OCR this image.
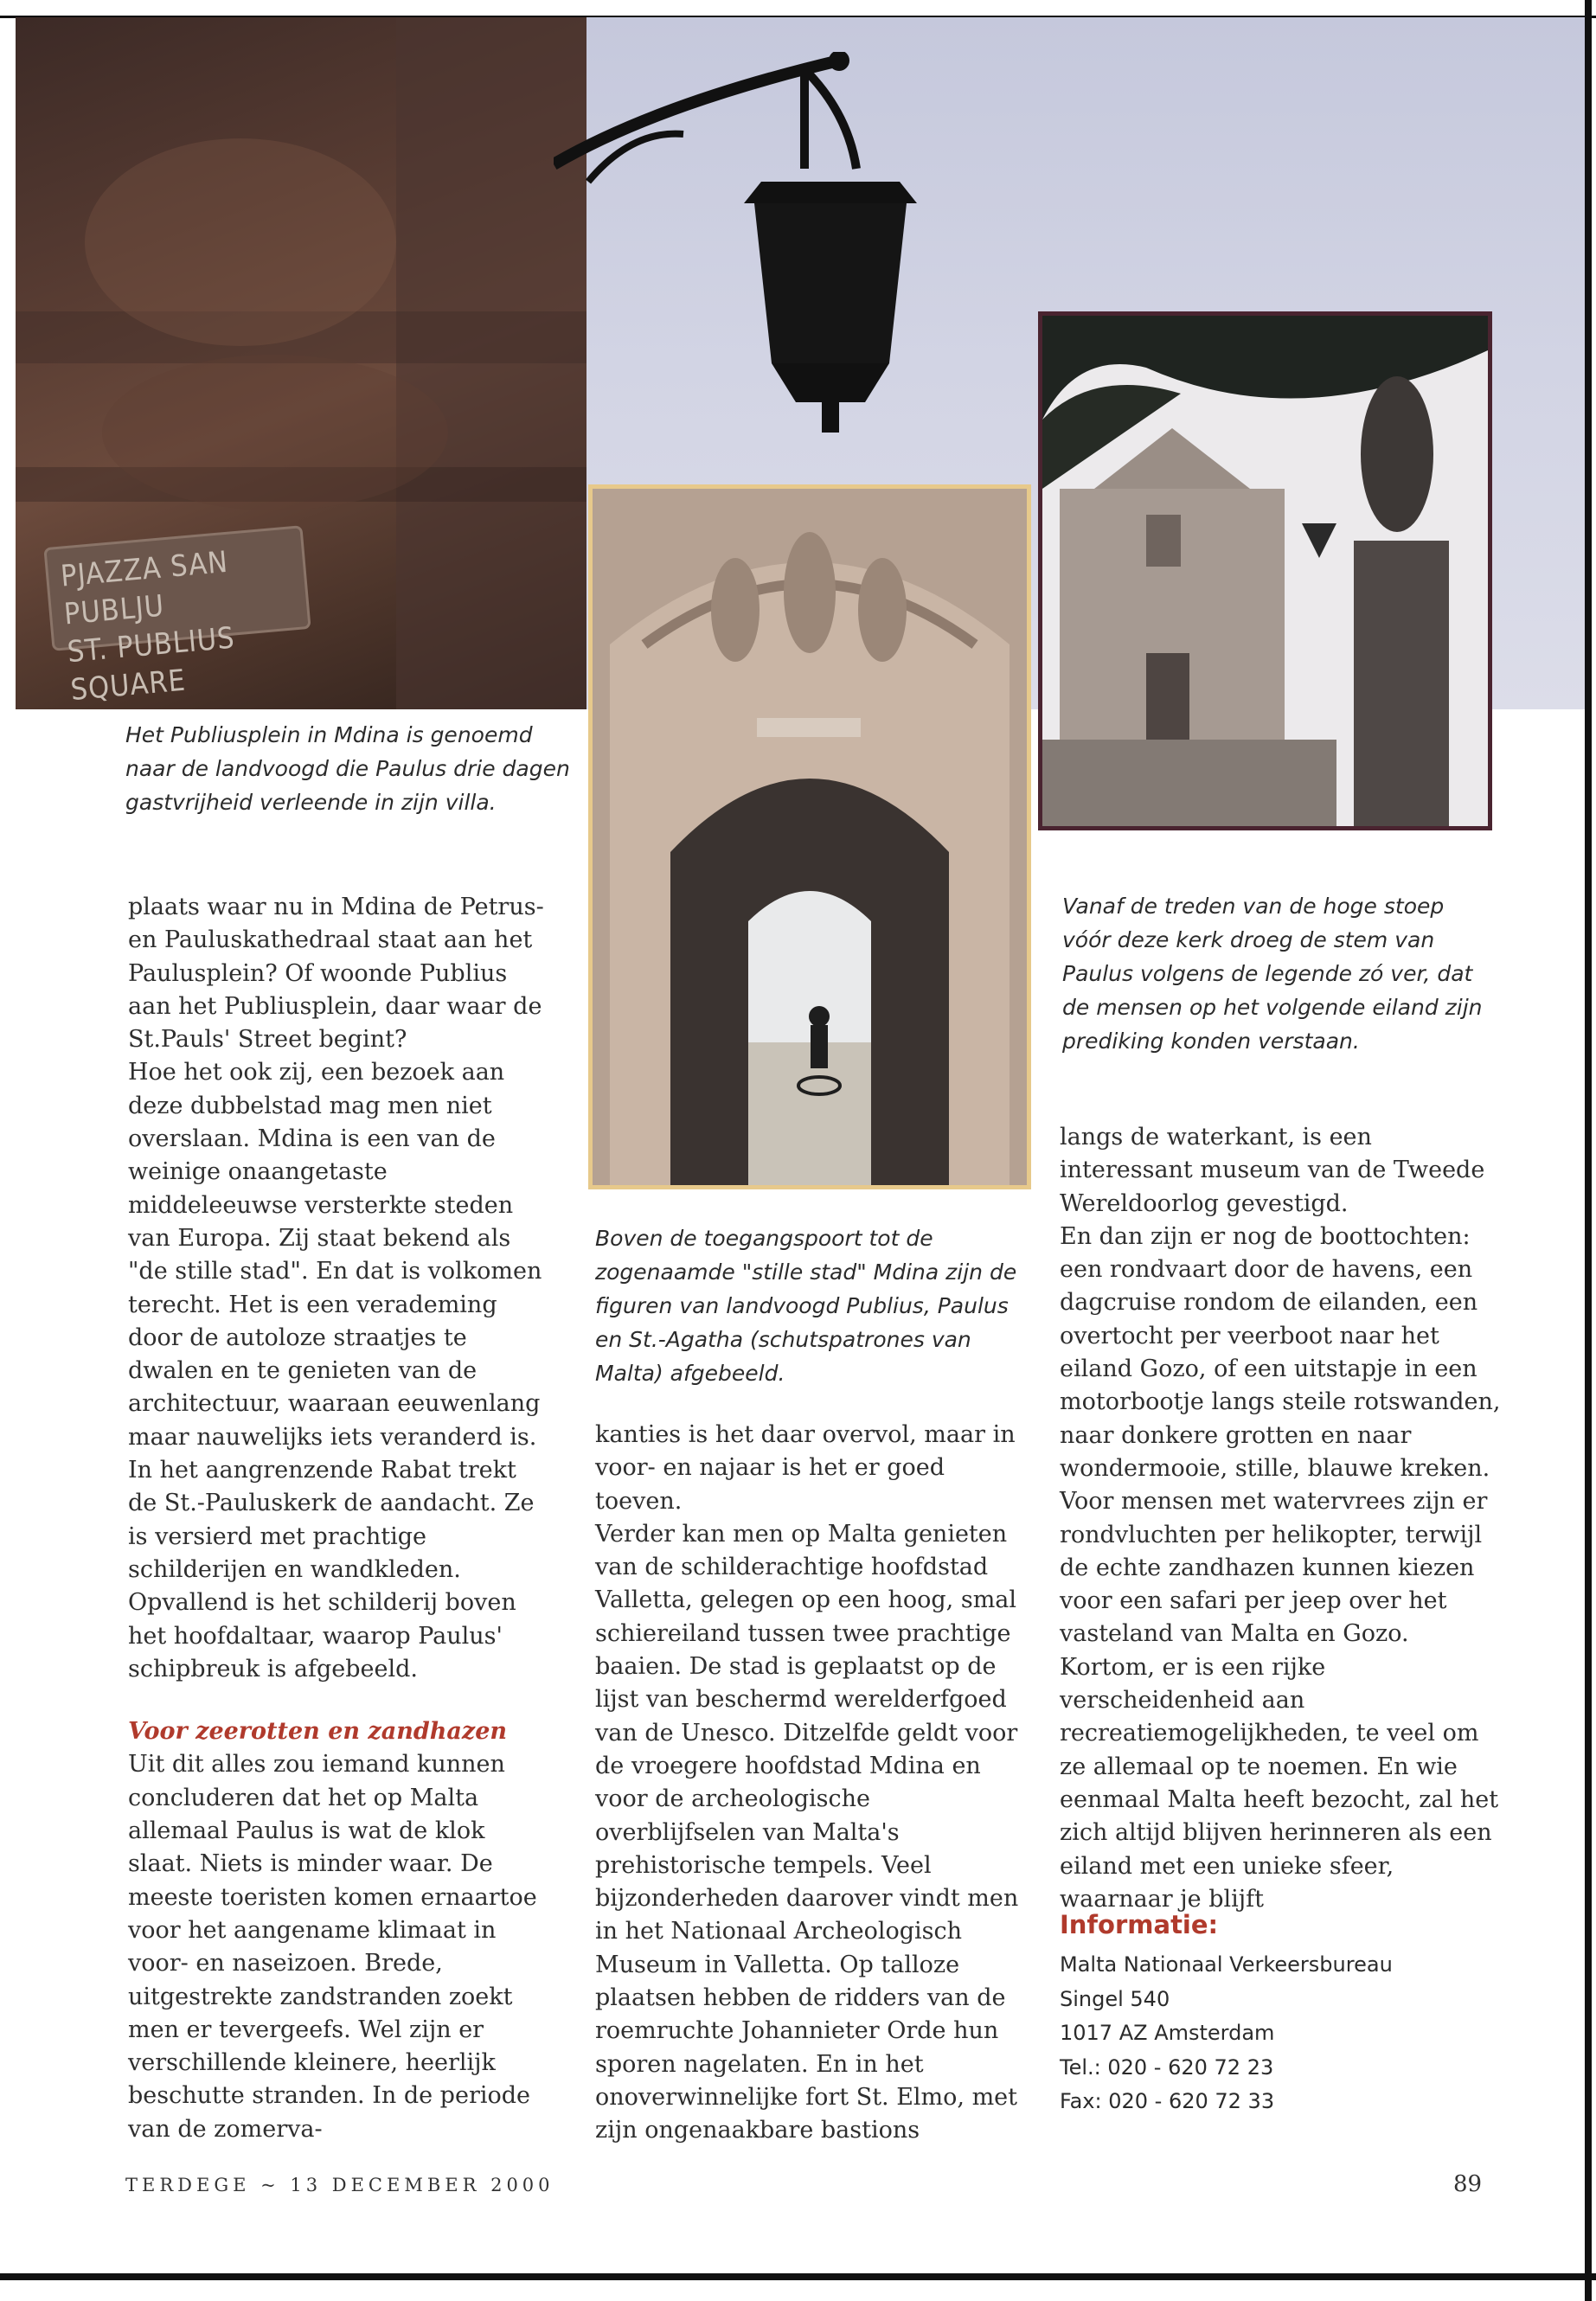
PJAZZA SAN PUBLJU
ST. PUBLIUS SQUARE

Het Publiusplein in Mdina is genoemd naar de landvoogd die Paulus drie dagen gastvrijheid verleende in zijn villa.

Boven de toegangspoort tot de zogenaamde "stille stad" Mdina zijn de figuren van landvoogd Publius, Paulus en St.-Agatha (schutspatrones van Malta) afgebeeld.

Vanaf de treden van de hoge stoep vóór deze kerk droeg de stem van Paulus volgens de legende zó ver, dat de mensen op het volgende eiland zijn prediking konden verstaan.

plaats waar nu in Mdina de Petrus- en Pauluskathedraal staat aan het Paulusplein? Of woonde Publius aan het Publiusplein, daar waar de St.Pauls' Street begint?

Hoe het ook zij, een bezoek aan deze dubbelstad mag men niet overslaan. Mdina is een van de weinige onaangetaste middeleeuwse versterkte steden van Europa. Zij staat bekend als "de stille stad". En dat is volkomen terecht. Het is een verademing door de autoloze straatjes te dwalen en te genieten van de architectuur, waaraan eeuwenlang maar nauwelijks iets veranderd is.

In het aangrenzende Rabat trekt de St.-Pauluskerk de aandacht. Ze is versierd met prachtige schilderijen en wandkleden. Opvallend is het schilderij boven het hoofdaltaar, waarop Paulus' schipbreuk is afgebeeld.

Voor zeerotten en zandhazen

Uit dit alles zou iemand kunnen concluderen dat het op Malta allemaal Paulus is wat de klok slaat. Niets is minder waar. De meeste toeristen komen ernaartoe voor het aangename klimaat in voor- en naseizoen. Brede, uitgestrekte zandstranden zoekt men er tevergeefs. Wel zijn er verschillende kleinere, heerlijk beschutte stranden. In de periode van de zomerva-

kanties is het daar overvol, maar in voor- en najaar is het er goed toeven.

Verder kan men op Malta genieten van de schilderachtige hoofdstad Valletta, gelegen op een hoog, smal schiereiland tussen twee prachtige baaien. De stad is geplaatst op de lijst van beschermd werelderfgoed van de Unesco. Ditzelfde geldt voor de vroegere hoofdstad Mdina en voor de archeologische overblijfselen van Malta's prehistorische tempels. Veel bijzonderheden daarover vindt men in het Nationaal Archeologisch Museum in Valletta. Op talloze plaatsen hebben de ridders van de roemruchte Johannieter Orde hun sporen nagelaten. En in het onoverwinnelijke fort St. Elmo, met zijn ongenaakbare bastions

langs de waterkant, is een interessant museum van de Tweede Wereldoorlog gevestigd.

En dan zijn er nog de boottochten: een rondvaart door de havens, een dagcruise rondom de eilanden, een overtocht per veerboot naar het eiland Gozo, of een uitstapje in een motorbootje langs steile rotswanden, naar donkere grotten en naar wondermooie, stille, blauwe kreken. Voor mensen met watervrees zijn er rondvluchten per helikopter, terwijl de echte zandhazen kunnen kiezen voor een safari per jeep over het vasteland van Malta en Gozo. Kortom, er is een rijke verscheidenheid aan recreatiemogelijkheden, te veel om ze allemaal op te noemen. En wie eenmaal Malta heeft bezocht, zal het zich altijd blijven herinneren als een eiland met een unieke sfeer, waarnaar je blijft

Informatie:

Malta Nationaal Verkeersbureau

Singel 540

1017 AZ Amsterdam

Tel.: 020 - 620 72 23

Fax: 020 - 620 72 33

TERDEGE ~ 13 DECEMBER 2000	89
